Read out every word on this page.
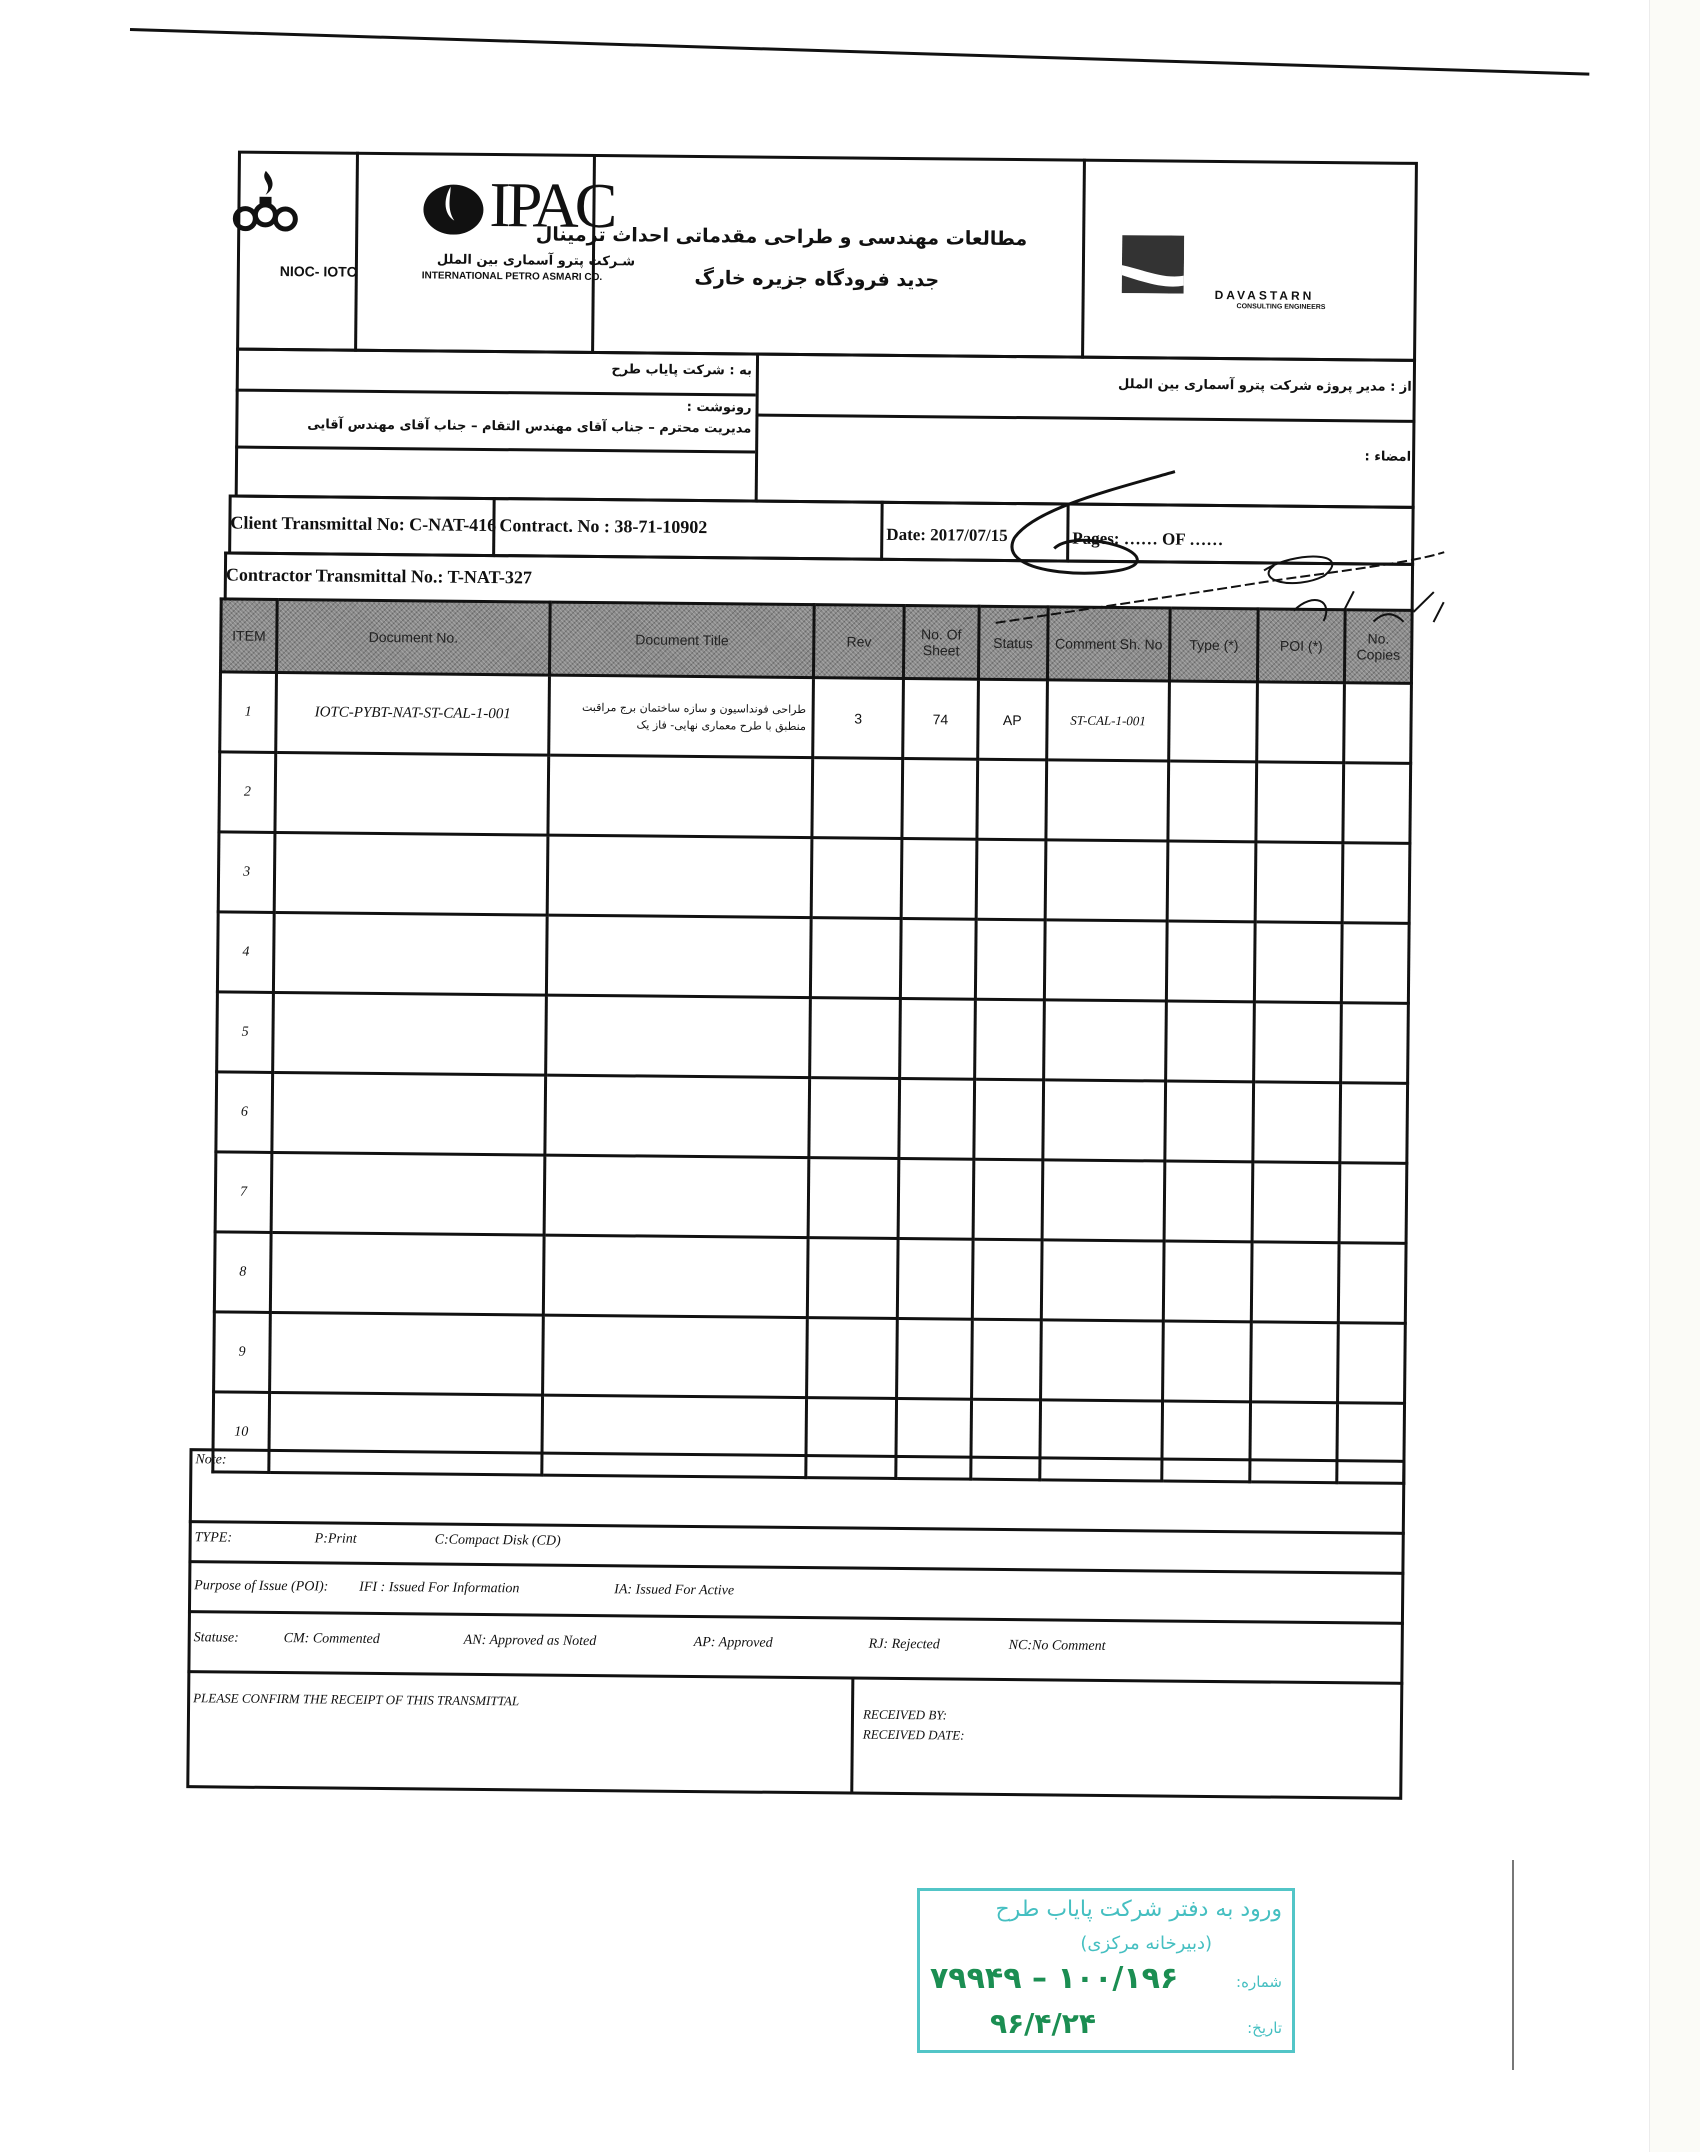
NIOC- IOTC
IPAC
شـرکت پترو آسماری بین الملل
INTERNATIONAL PETRO ASMARI CO.
مطالعات مهندسی و طراحی مقدماتی احداث ترمینال
جدید فرودگاه جزیره خارگ
DAVASTARN
CONSULTING ENGINEERS
به : شرکت پایاب طرح
رونوشت :
مدیریت محترم – جناب آقای مهندس التقام – جناب آقای مهندس آقایی
از : مدیر پروژه شرکت پترو آسماری بین الملل
امضاء :
Client Transmittal No: C-NAT-416 Contract. No : 38-71-10902	Date: 2017/07/15	Pages: …… OF ……
Contractor Transmittal No.: T-NAT-327
ITEM	Document No.	Document Title	Rev	No. Of Sheet	Status	Comment Sh. No	Type (*)	POI (*)	No. Copies
1	IOTC-PYBT-NAT-ST-CAL-1-001	طراحی فونداسیون و سازه ساختمان برج مراقبت منطبق با طرح معماری نهایی- فاز یک	3	74	AP	ST-CAL-1-001			
2									
3									
4									
5									
6									
7									
8									
9									
10									
Note:
TYPE:	P:Print	C:Compact Disk (CD)
Purpose of Issue (POI): IFI : Issued For Information	IA: Issued For Active
Statuse:	CM: Commented	AN: Approved as Noted	AP: Approved	RJ: Rejected	NC:No Comment
PLEASE CONFIRM THE RECEIPT OF THIS TRANSMITTAL
RECEIVED BY:
RECEIVED DATE:
ورود به دفتر شرکت پایاب طرح
(دبیرخانه مرکزی)
شماره:
۱۰۰/۱۹۶ – ۷۹۹۴۹
تاریخ:
۹۶/۴/۲۴
